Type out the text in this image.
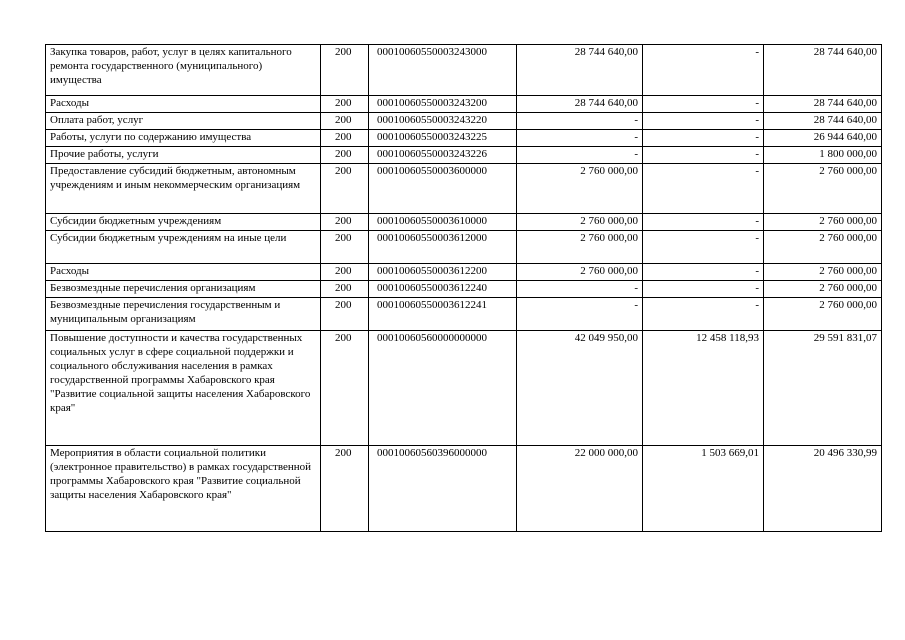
Закупка товаров, работ, услуг в целях капитального ремонта государственного (муниципального) имущества	200	00010060550003243000	28 744 640,00	-	28 744 640,00
Расходы	200	00010060550003243200	28 744 640,00	-	28 744 640,00
Оплата работ, услуг	200	00010060550003243220	-	-	28 744 640,00
Работы, услуги по содержанию имущества	200	00010060550003243225	-	-	26 944 640,00
Прочие работы, услуги	200	00010060550003243226	-	-	1 800 000,00
Предоставление субсидий бюджетным, автономным учреждениям и иным некоммерческим организациям	200	00010060550003600000	2 760 000,00	-	2 760 000,00
Субсидии бюджетным учреждениям	200	00010060550003610000	2 760 000,00	-	2 760 000,00
Субсидии бюджетным учреждениям на иные цели	200	00010060550003612000	2 760 000,00	-	2 760 000,00
Расходы	200	00010060550003612200	2 760 000,00	-	2 760 000,00
Безвозмездные перечисления организациям	200	00010060550003612240	-	-	2 760 000,00
Безвозмездные перечисления государственным и муниципальным организациям	200	00010060550003612241	-	-	2 760 000,00
Повышение доступности и качества государственных социальных услуг в сфере социальной поддержки и социального обслуживания населения в рамках государственной программы Хабаровского края "Развитие социальной защиты населения Хабаровского края"	200	00010060560000000000	42 049 950,00	12 458 118,93	29 591 831,07
Мероприятия в области социальной политики (электронное правительство) в рамках государственной программы Хабаровского края "Развитие социальной защиты населения Хабаровского края"	200	00010060560396000000	22 000 000,00	1 503 669,01	20 496 330,99
